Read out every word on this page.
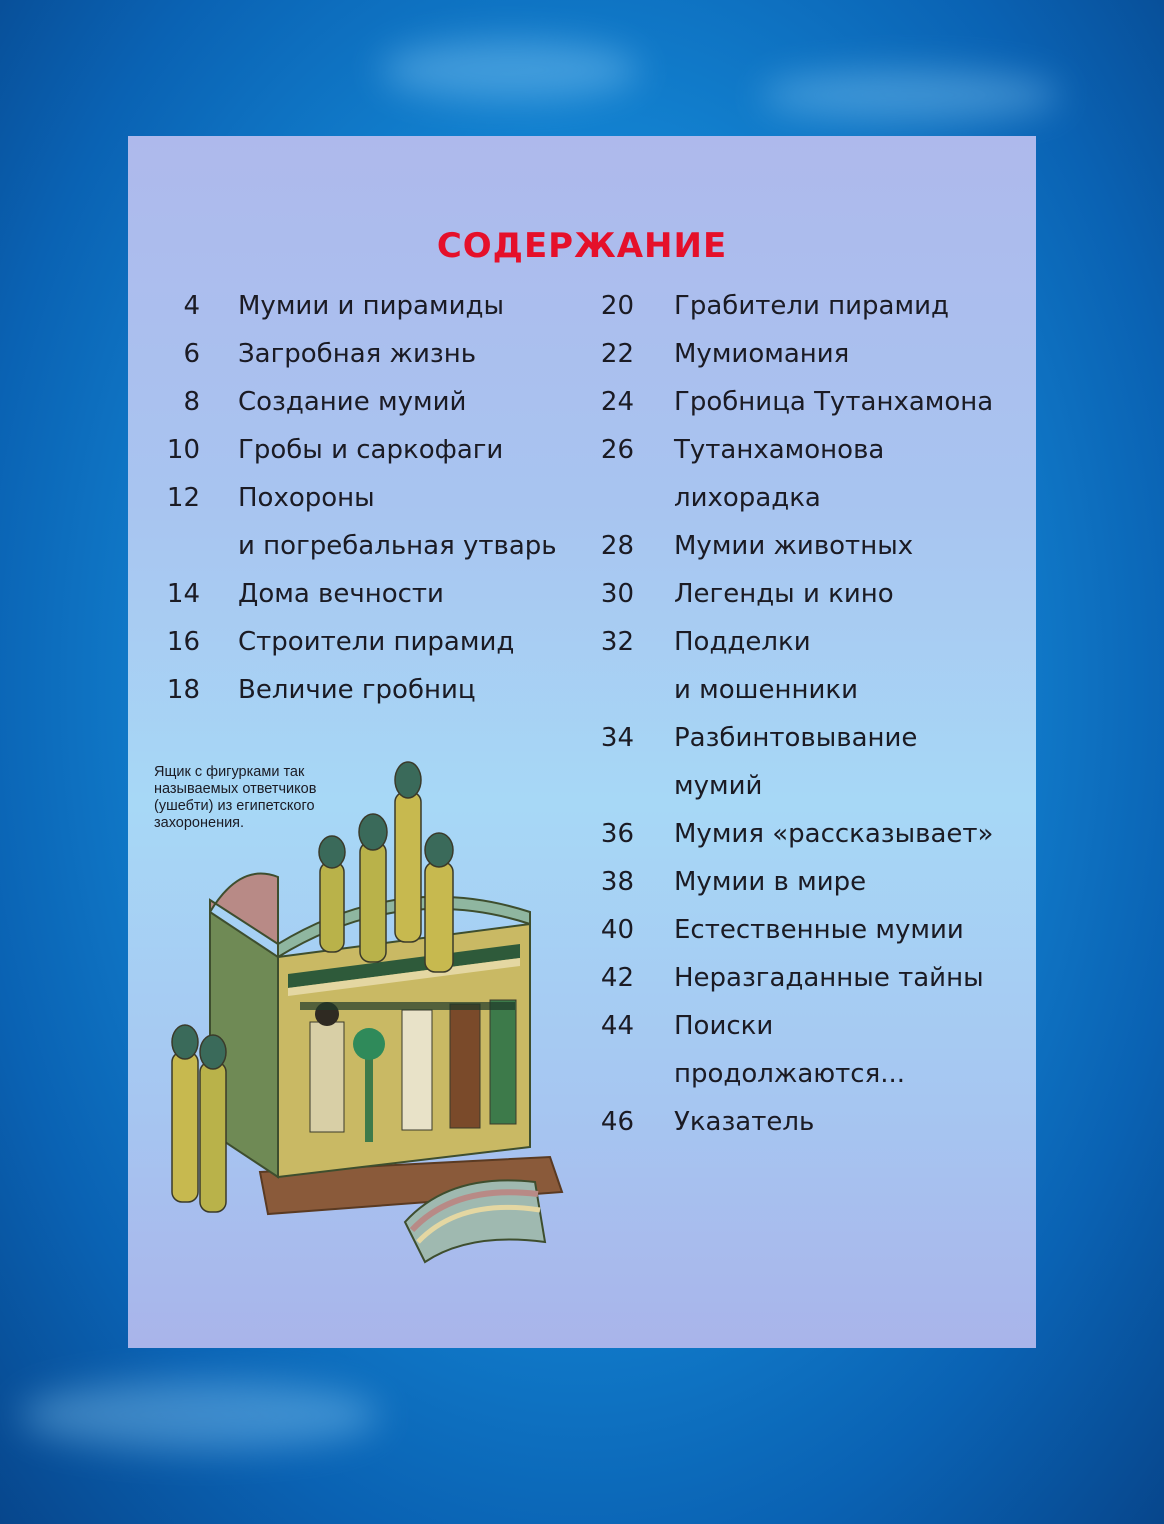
СОДЕРЖАНИЕ
4 Мумии и пирамиды
6 Загробная жизнь
8 Создание мумий
10 Гробы и саркофаги
12 Похороны
и погребальная утварь
14 Дома вечности
16 Строители пирамид
18 Величие гробниц
20 Грабители пирамид
22 Мумиомания
24 Гробница Тутанхамона
26 Тутанхамонова
лихорадка
28 Мумии животных
30 Легенды и кино
32 Подделки
и мошенники
34 Разбинтовывание
мумий
36 Мумия «рассказывает»
38 Мумии в мире
40 Естественные мумии
42 Неразгаданные тайны
44 Поиски
продолжаются...
46 Указатель
Ящик с фигурками так называемых ответчиков (ушебти) из египетского захоронения.
